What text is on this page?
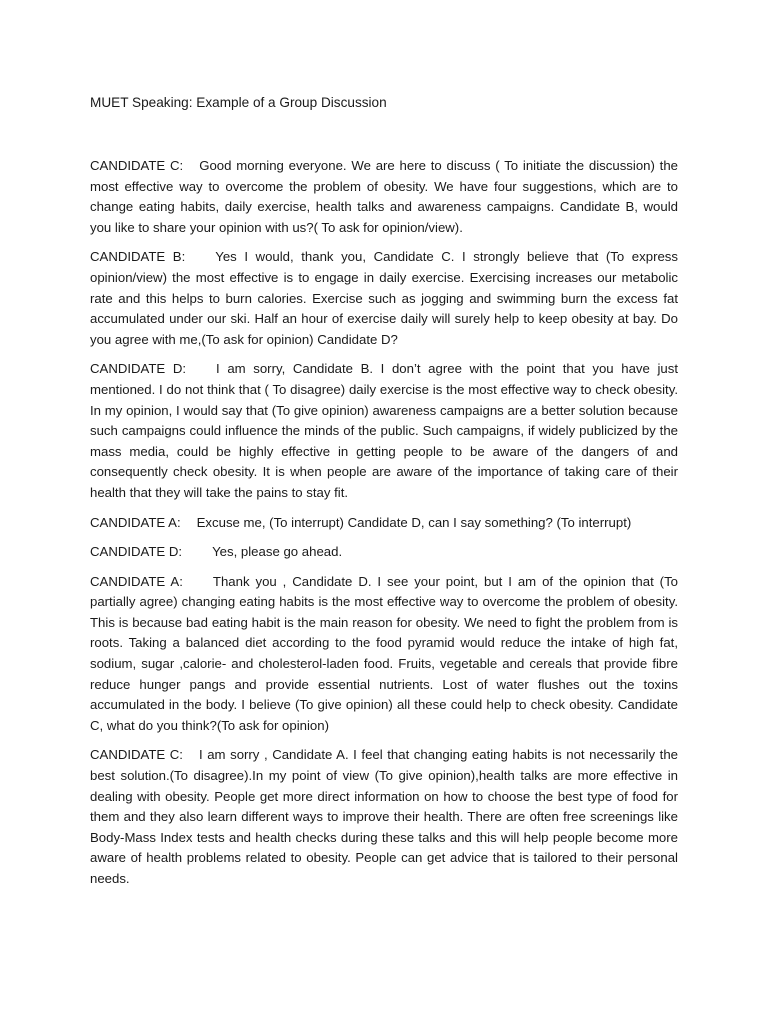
MUET Speaking: Example of a Group Discussion

CANDIDATE C: Good morning everyone. We are here to discuss ( To initiate the discussion) the most effective way to overcome the problem of obesity. We have four suggestions, which are to change eating habits, daily exercise, health talks and awareness campaigns. Candidate B, would you like to share your opinion with us?( To ask for opinion/view).

CANDIDATE B: Yes I would, thank you, Candidate C. I strongly believe that (To express opinion/view) the most effective is to engage in daily exercise. Exercising increases our metabolic rate and this helps to burn calories. Exercise such as jogging and swimming burn the excess fat accumulated under our ski. Half an hour of exercise daily will surely help to keep obesity at bay. Do you agree with me,(To ask for opinion) Candidate D?

CANDIDATE D: I am sorry, Candidate B. I don’t agree with the point that you have just mentioned. I do not think that ( To disagree) daily exercise is the most effective way to check obesity. In my opinion, I would say that (To give opinion) awareness campaigns are a better solution because such campaigns could influence the minds of the public. Such campaigns, if widely publicized by the mass media, could be highly effective in getting people to be aware of the dangers of and consequently check obesity. It is when people are aware of the importance of taking care of their health that they will take the pains to stay fit.

CANDIDATE A: Excuse me, (To interrupt) Candidate D, can I say something? (To interrupt)

CANDIDATE D: Yes, please go ahead.

CANDIDATE A: Thank you , Candidate D. I see your point, but I am of the opinion that (To partially agree) changing eating habits is the most effective way to overcome the problem of obesity. This is because bad eating habit is the main reason for obesity. We need to fight the problem from is roots. Taking a balanced diet according to the food pyramid would reduce the intake of high fat, sodium, sugar ,calorie- and cholesterol-laden food. Fruits, vegetable and cereals that provide fibre reduce hunger pangs and provide essential nutrients. Lost of water flushes out the toxins accumulated in the body. I believe (To give opinion) all these could help to check obesity. Candidate C, what do you think?(To ask for opinion)

CANDIDATE C: I am sorry , Candidate A. I feel that changing eating habits is not necessarily the best solution.(To disagree).In my point of view (To give opinion),health talks are more effective in dealing with obesity. People get more direct information on how to choose the best type of food for them and they also learn different ways to improve their health. There are often free screenings like Body-Mass Index tests and health checks during these talks and this will help people become more aware of health problems related to obesity. People can get advice that is tailored to their personal needs.
